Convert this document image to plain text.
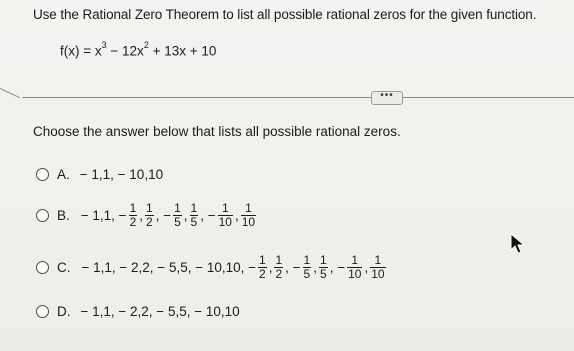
Use the Rational Zero Theorem to list all possible rational zeros for the given function.
$f(x) = x^3 - 12x^2 + 13x + 10$
•••
Choose the answer below that lists all possible rational zeros.
A. − 1,1, − 10,10
B. − 1,1, − $\frac{1}{2}$ , $\frac{1}{2}$ , − $\frac{1}{5}$ , $\frac{1}{5}$ , − $\frac{1}{10}$ , $\frac{1}{10}$
C. − 1,1, − 2,2, − 5,5, − 10,10, − $\frac{1}{2}$ , $\frac{1}{2}$ , − $\frac{1}{5}$ , $\frac{1}{5}$ , − $\frac{1}{10}$ , $\frac{1}{10}$
D. − 1,1, − 2,2, − 5,5, − 10,10
